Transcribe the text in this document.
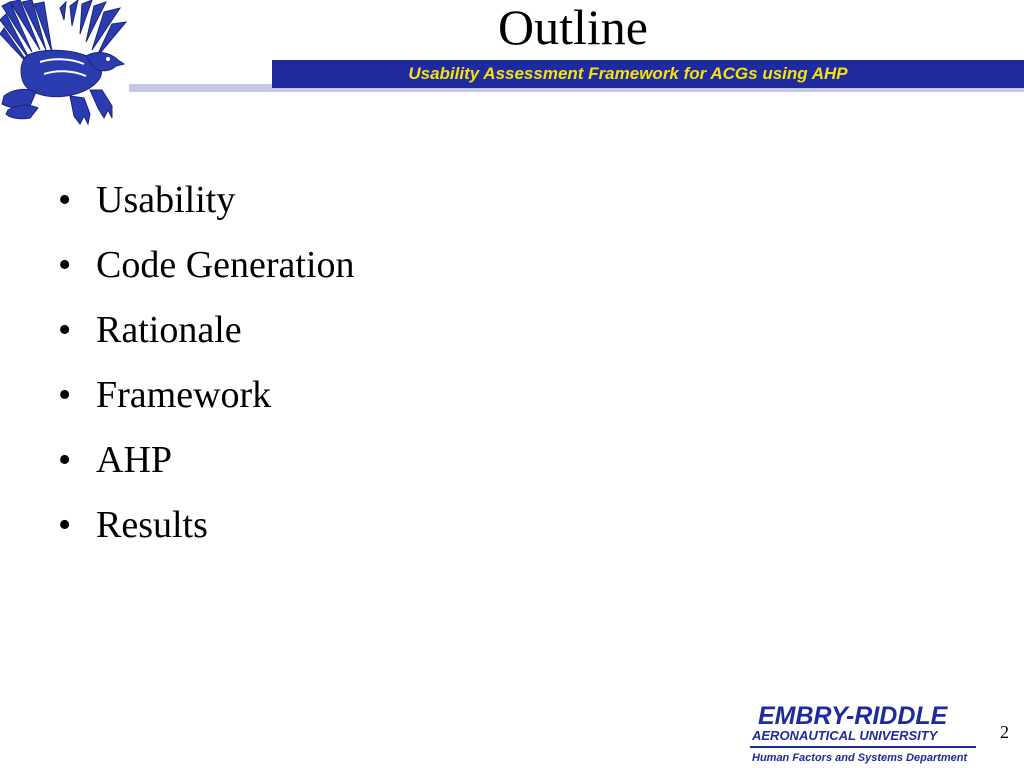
Outline
Usability Assessment Framework for ACGs using AHP
• Usability
• Code Generation
• Rationale
• Framework
• AHP
• Results
EMBRY-RIDDLE
AERONAUTICAL UNIVERSITY
Human Factors and Systems Department
2
